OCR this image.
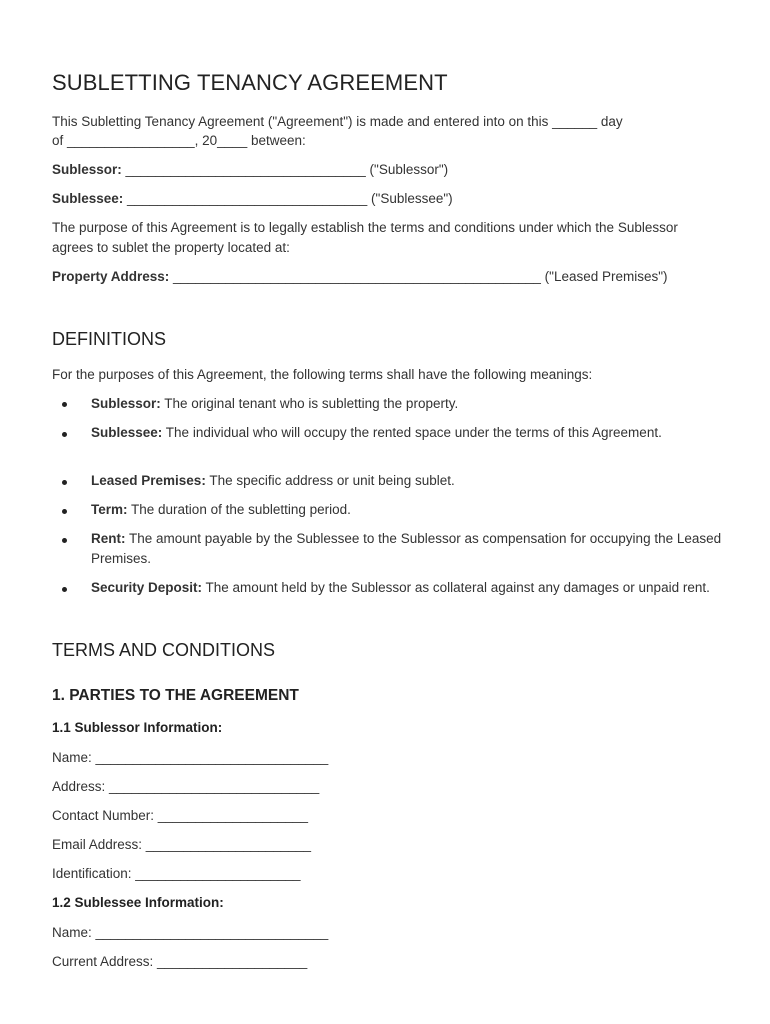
SUBLETTING TENANCY AGREEMENT

This Subletting Tenancy Agreement ("Agreement") is made and entered into on this ______ day

of _________________, 20____ between:

Sublessor: ________________________________ ("Sublessor")

Sublessee: ________________________________ ("Sublessee")

The purpose of this Agreement is to legally establish the terms and conditions under which the Sublessor agrees to sublet the property located at:

Property Address: _________________________________________________ ("Leased Premises")

DEFINITIONS

For the purposes of this Agreement, the following terms shall have the following meanings:

Sublessor: The original tenant who is subletting the property.

Sublessee: The individual who will occupy the rented space under the terms of this Agreement.

Leased Premises: The specific address or unit being sublet.

Term: The duration of the subletting period.

Rent: The amount payable by the Sublessee to the Sublessor as compensation for occupying the Leased Premises.

Security Deposit: The amount held by the Sublessor as collateral against any damages or unpaid rent.

TERMS AND CONDITIONS
1. PARTIES TO THE AGREEMENT
1.1 Sublessor Information:

Name: _______________________________

Address: ____________________________

Contact Number: ____________________

Email Address: ______________________

Identification: ______________________

1.2 Sublessee Information:

Name: _______________________________

Current Address: ____________________
